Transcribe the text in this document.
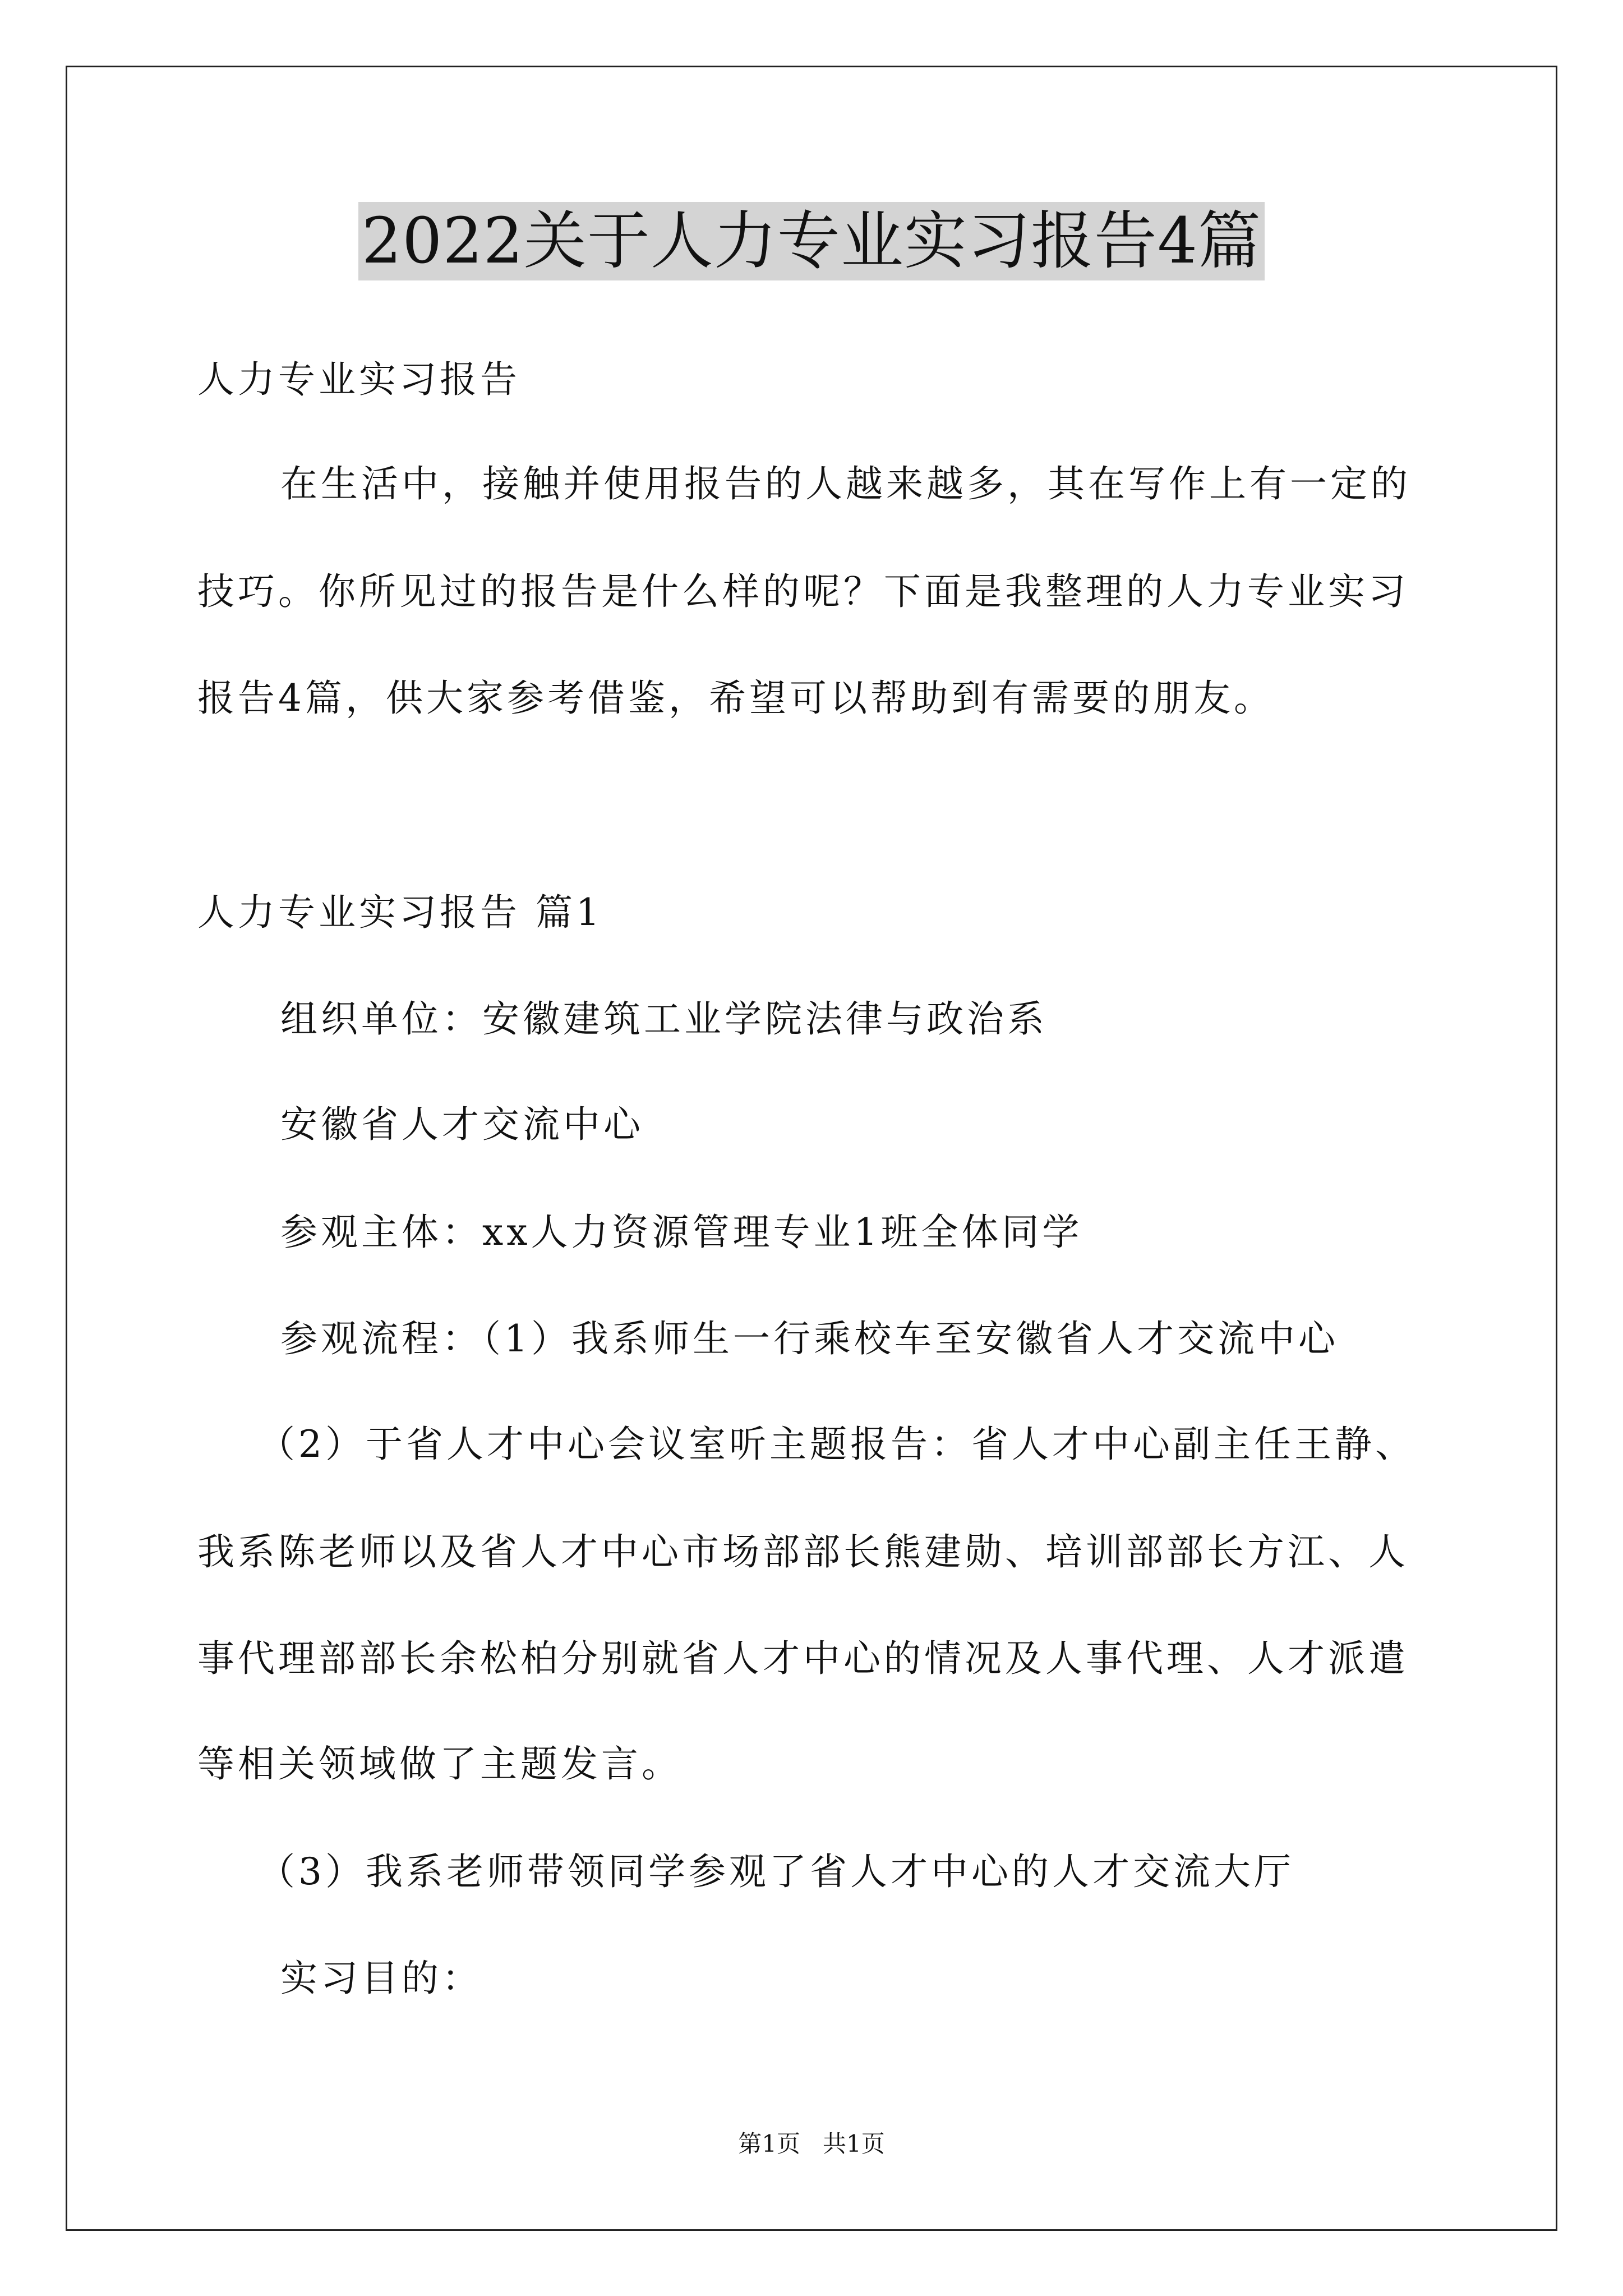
2022关于人力专业实习报告4篇
人力专业实习报告
在生活中，接触并使用报告的人越来越多，其在写作上有一定的
技巧。你所见过的报告是什么样的呢？下面是我整理的人力专业实习
报告4篇，供大家参考借鉴，希望可以帮助到有需要的朋友。
人力专业实习报告 篇1
组织单位：安徽建筑工业学院法律与政治系
安徽省人才交流中心
参观主体：xx人力资源管理专业1班全体同学
参观流程：（1）我系师生一行乘校车至安徽省人才交流中心
（2）于省人才中心会议室听主题报告：省人才中心副主任王静、
我系陈老师以及省人才中心市场部部长熊建勋、培训部部长方江、人
事代理部部长余松柏分别就省人才中心的情况及人事代理、人才派遣
等相关领域做了主题发言。
（3）我系老师带领同学参观了省人才中心的人才交流大厅
实习目的：
第1页   共1页
